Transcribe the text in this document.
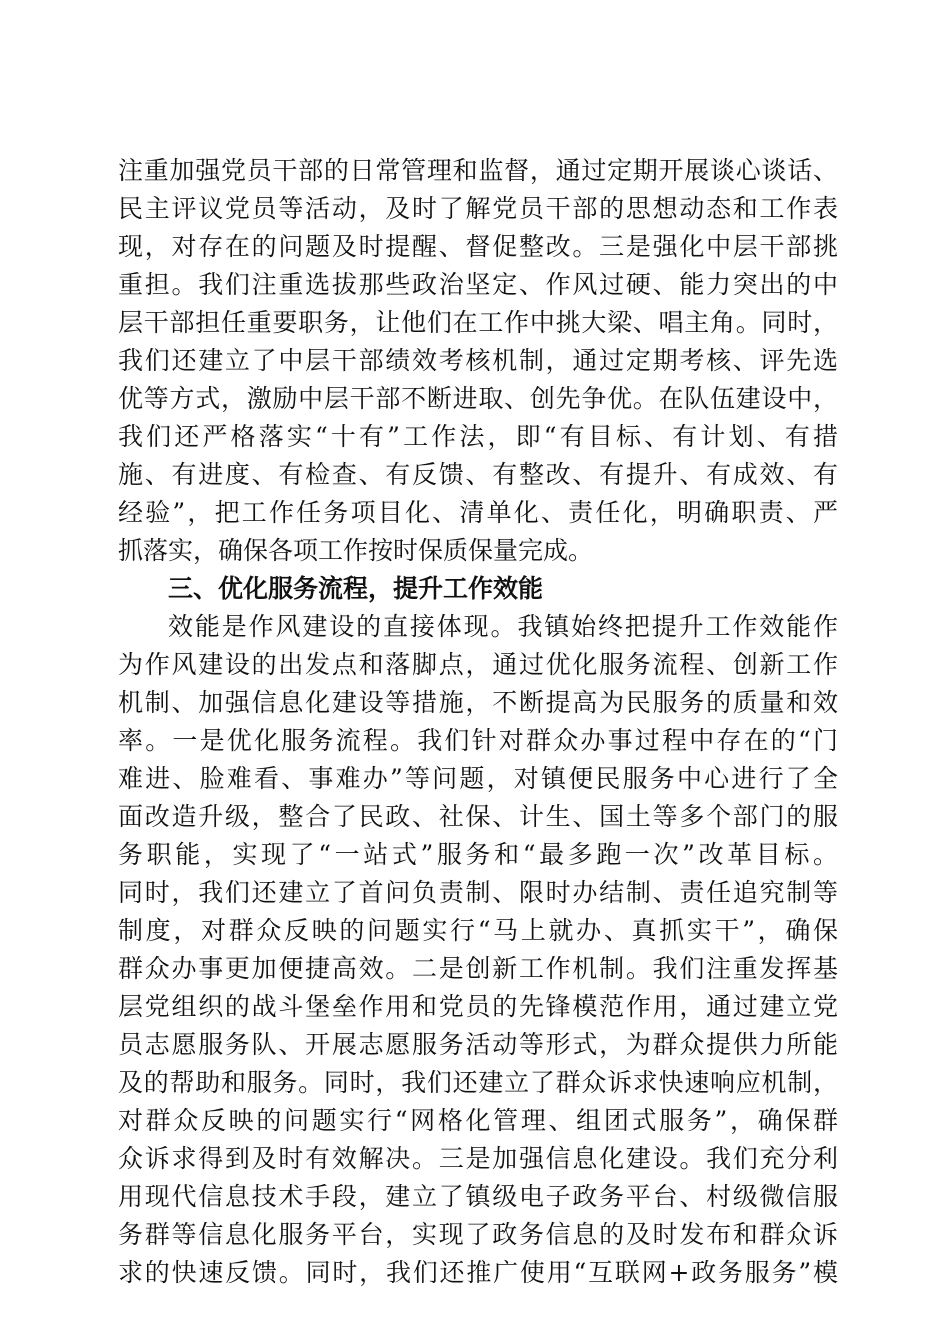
注重加强党员干部的日常管理和监督，通过定期开展谈心谈话、
民主评议党员等活动，及时了解党员干部的思想动态和工作表
现，对存在的问题及时提醒、督促整改。三是强化中层干部挑
重担。我们注重选拔那些政治坚定、作风过硬、能力突出的中
层干部担任重要职务，让他们在工作中挑大梁、唱主角。同时，
我们还建立了中层干部绩效考核机制，通过定期考核、评先选
优等方式，激励中层干部不断进取、创先争优。在队伍建设中，
我们还严格落实“十有”工作法，即“有目标、有计划、有措
施、有进度、有检查、有反馈、有整改、有提升、有成效、有
经验”，把工作任务项目化、清单化、责任化，明确职责、严
抓落实，确保各项工作按时保质保量完成。
三、优化服务流程，提升工作效能
效能是作风建设的直接体现。我镇始终把提升工作效能作
为作风建设的出发点和落脚点，通过优化服务流程、创新工作
机制、加强信息化建设等措施，不断提高为民服务的质量和效
率。一是优化服务流程。我们针对群众办事过程中存在的“门
难进、脸难看、事难办”等问题，对镇便民服务中心进行了全
面改造升级，整合了民政、社保、计生、国土等多个部门的服
务职能，实现了“一站式”服务和“最多跑一次”改革目标。
同时，我们还建立了首问负责制、限时办结制、责任追究制等
制度，对群众反映的问题实行“马上就办、真抓实干”，确保
群众办事更加便捷高效。二是创新工作机制。我们注重发挥基
层党组织的战斗堡垒作用和党员的先锋模范作用，通过建立党
员志愿服务队、开展志愿服务活动等形式，为群众提供力所能
及的帮助和服务。同时，我们还建立了群众诉求快速响应机制，
对群众反映的问题实行“网格化管理、组团式服务”，确保群
众诉求得到及时有效解决。三是加强信息化建设。我们充分利
用现代信息技术手段，建立了镇级电子政务平台、村级微信服
务群等信息化服务平台，实现了政务信息的及时发布和群众诉
求的快速反馈。同时，我们还推广使用“互联网+政务服务”模
